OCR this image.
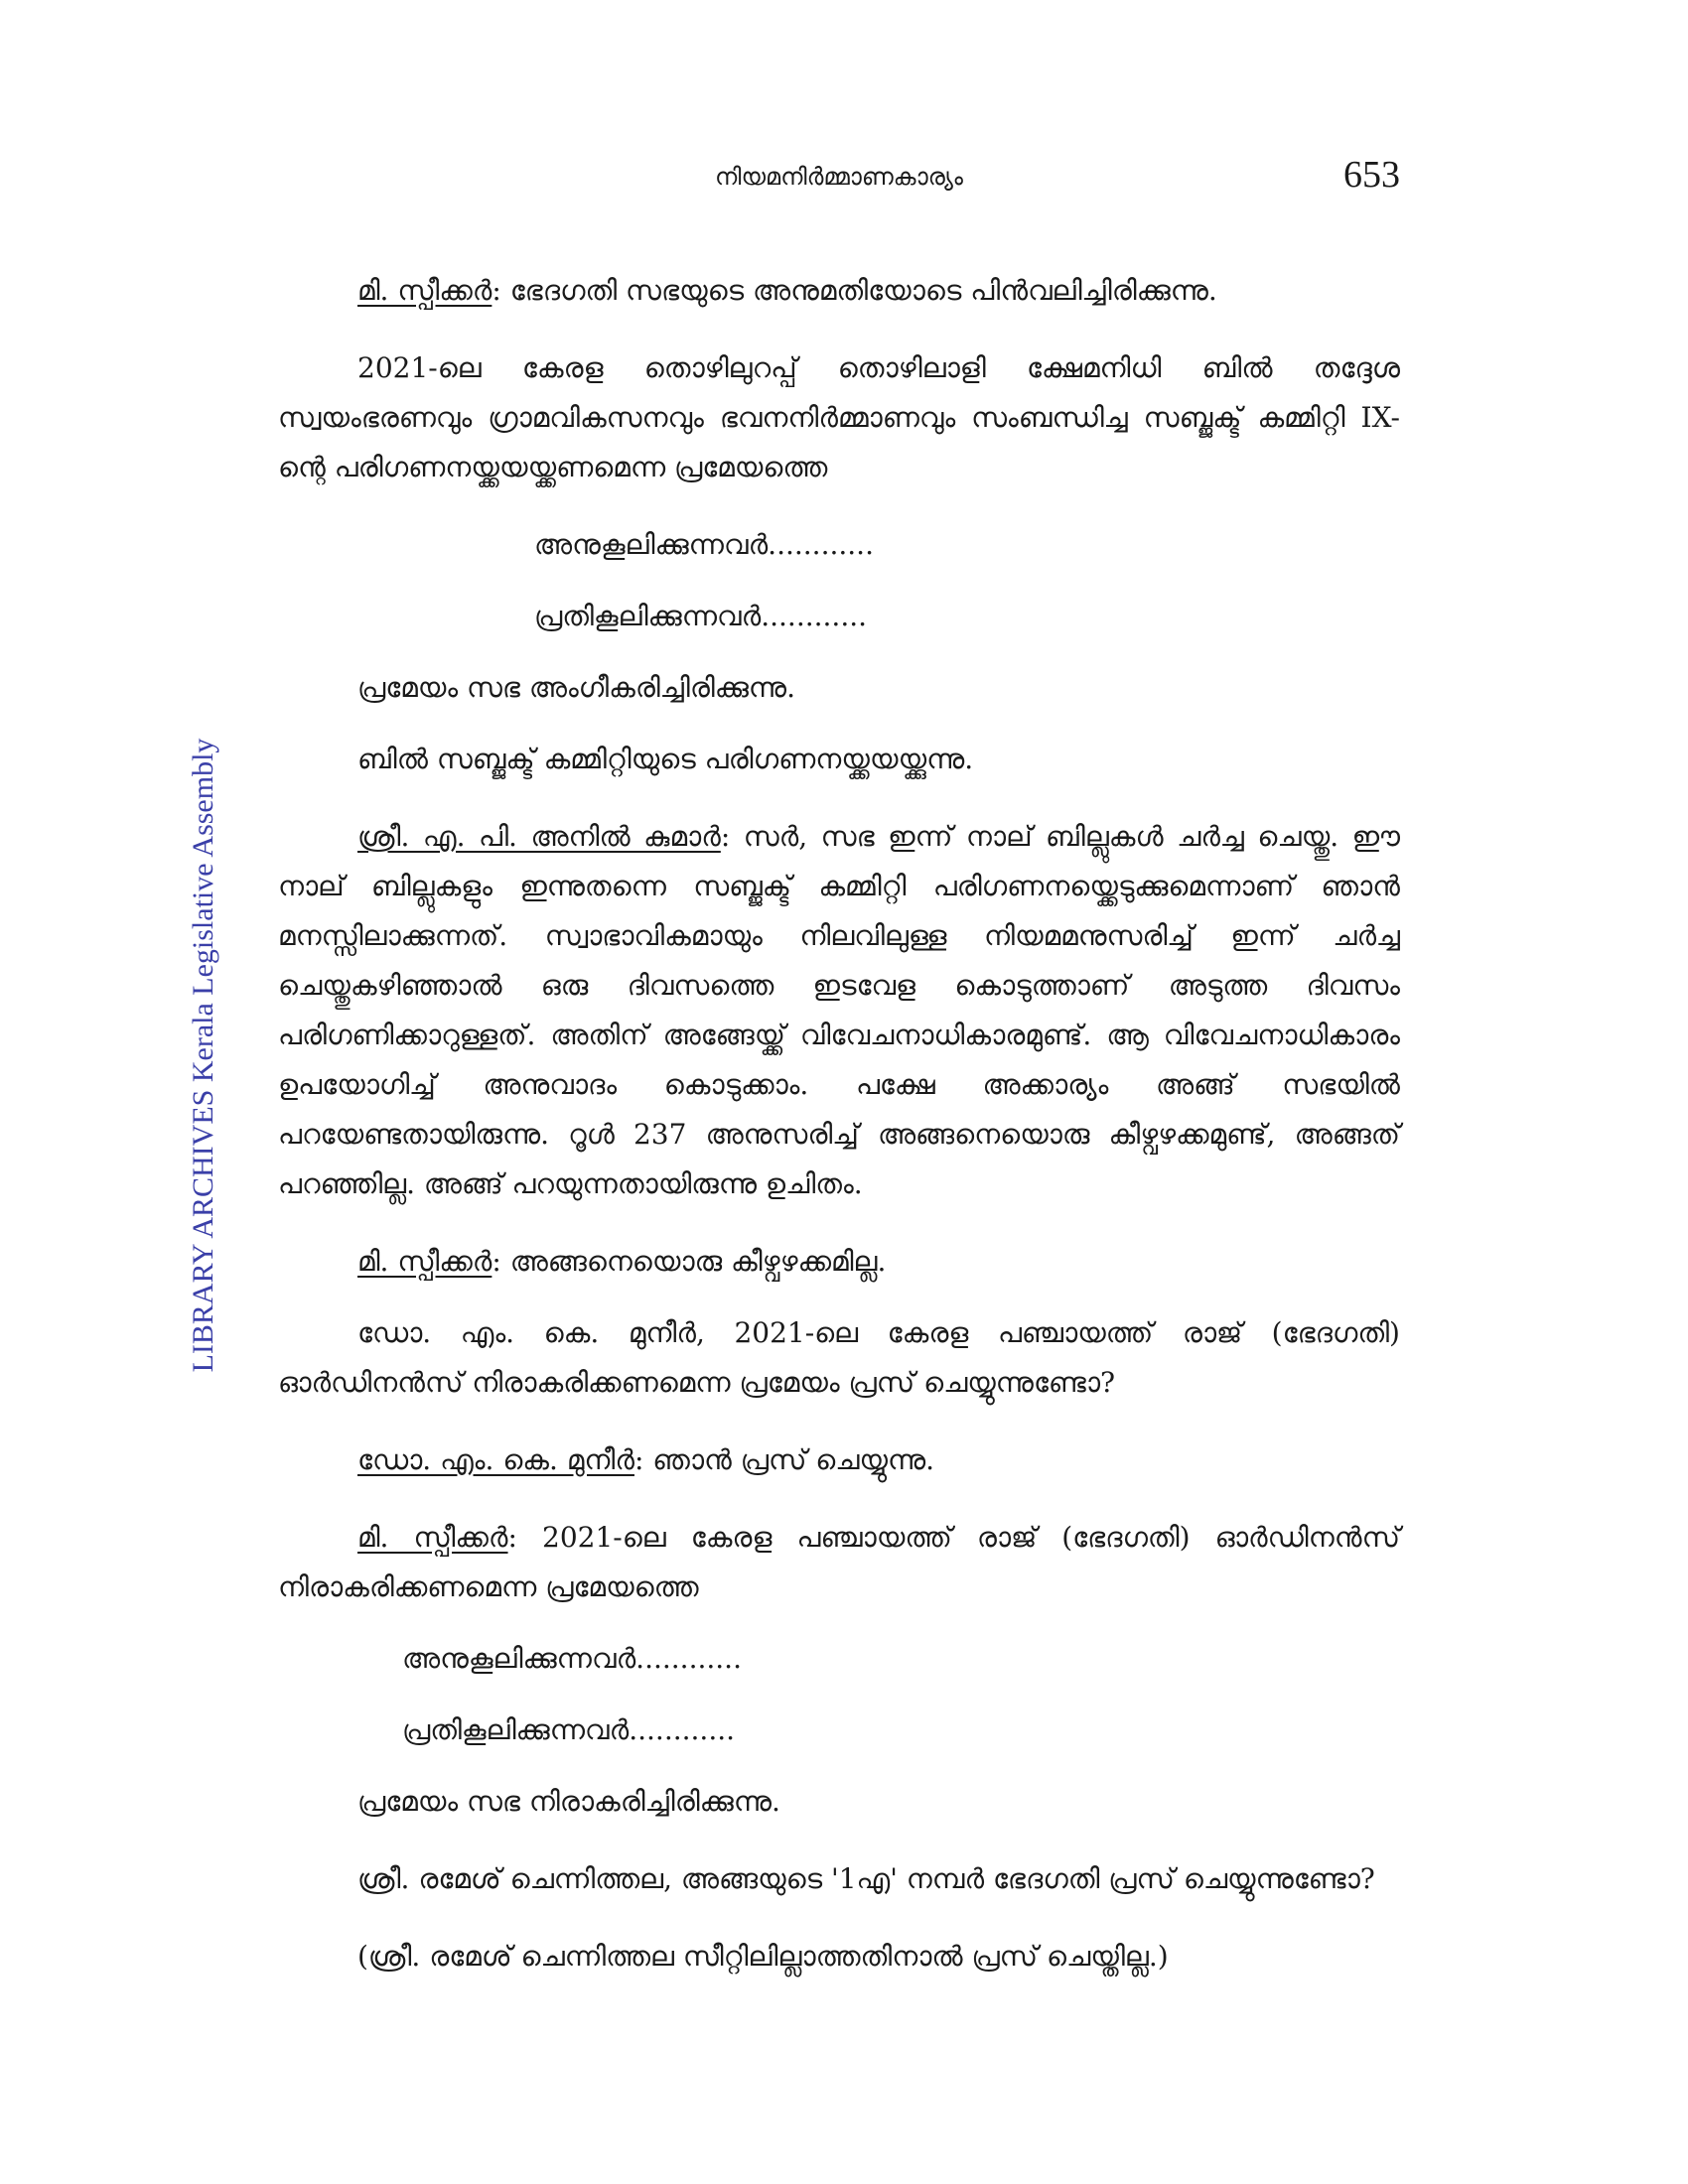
നിയമനിർമ്മാണകാര്യം	653
LIBRARY ARCHIVES Kerala Legislative Assembly

മി. സ്പീക്കർ: ഭേദഗതി സഭയുടെ അനുമതിയോടെ പിൻവലിച്ചിരിക്കുന്നു.

2021-ലെ കേരള തൊഴിലുറപ്പ് തൊഴിലാളി ക്ഷേമനിധി ബിൽ തദ്ദേശ സ്വയംഭരണവും ഗ്രാമവികസനവും ഭവനനിർമ്മാണവും സംബന്ധിച്ച സബ്ജക്ട് കമ്മിറ്റി IX-ന്റെ പരിഗണനയ്ക്കയയ്ക്കണമെന്ന പ്രമേയത്തെ

അനുകൂലിക്കുന്നവർ............

പ്രതികൂലിക്കുന്നവർ............

പ്രമേയം സഭ അംഗീകരിച്ചിരിക്കുന്നു.

ബിൽ സബ്ജക്ട് കമ്മിറ്റിയുടെ പരിഗണനയ്ക്കയയ്ക്കുന്നു.

ശ്രീ. എ. പി. അനിൽ കുമാർ: സർ, സഭ ഇന്ന് നാല് ബില്ലുകൾ ചർച്ച ചെയ്തു. ഈ നാല് ബില്ലുകളും ഇന്നുതന്നെ സബ്ജക്ട് കമ്മിറ്റി പരിഗണനയ്ക്കെടുക്കുമെന്നാണ് ഞാൻ മനസ്സിലാക്കുന്നത്. സ്വാഭാവികമായും നിലവിലുള്ള നിയമമനുസരിച്ച് ഇന്ന് ചർച്ച ചെയ്തുകഴിഞ്ഞാൽ ഒരു ദിവസത്തെ ഇടവേള കൊടുത്താണ് അടുത്ത ദിവസം പരിഗണിക്കാറുള്ളത്. അതിന് അങ്ങേയ്ക്ക് വിവേചനാധികാരമുണ്ട്. ആ വിവേചനാധികാരം ഉപയോഗിച്ച് അനുവാദം കൊടുക്കാം. പക്ഷേ അക്കാര്യം അങ്ങ് സഭയിൽ പറയേണ്ടതായിരുന്നു. റൂൾ 237 അനുസരിച്ച് അങ്ങനെയൊരു കീഴ്വഴക്കമുണ്ട്, അങ്ങത് പറഞ്ഞില്ല. അങ്ങ് പറയുന്നതായിരുന്നു ഉചിതം.

മി. സ്പീക്കർ: അങ്ങനെയൊരു കീഴ്വഴക്കമില്ല.

ഡോ. എം. കെ. മുനീർ, 2021-ലെ കേരള പഞ്ചായത്ത് രാജ് (ഭേദഗതി) ഓർഡിനൻസ് നിരാകരിക്കണമെന്ന പ്രമേയം പ്രസ് ചെയ്യുന്നുണ്ടോ?

ഡോ. എം. കെ. മുനീർ: ഞാൻ പ്രസ് ചെയ്യുന്നു.

മി. സ്പീക്കർ: 2021-ലെ കേരള പഞ്ചായത്ത് രാജ് (ഭേദഗതി) ഓർഡിനൻസ് നിരാകരിക്കണമെന്ന പ്രമേയത്തെ

അനുകൂലിക്കുന്നവർ............

പ്രതികൂലിക്കുന്നവർ............

പ്രമേയം സഭ നിരാകരിച്ചിരിക്കുന്നു.

ശ്രീ. രമേശ് ചെന്നിത്തല, അങ്ങയുടെ '1എ' നമ്പർ ഭേദഗതി പ്രസ് ചെയ്യുന്നുണ്ടോ?

(ശ്രീ. രമേശ് ചെന്നിത്തല സീറ്റിലില്ലാത്തതിനാൽ പ്രസ് ചെയ്തില്ല.)
